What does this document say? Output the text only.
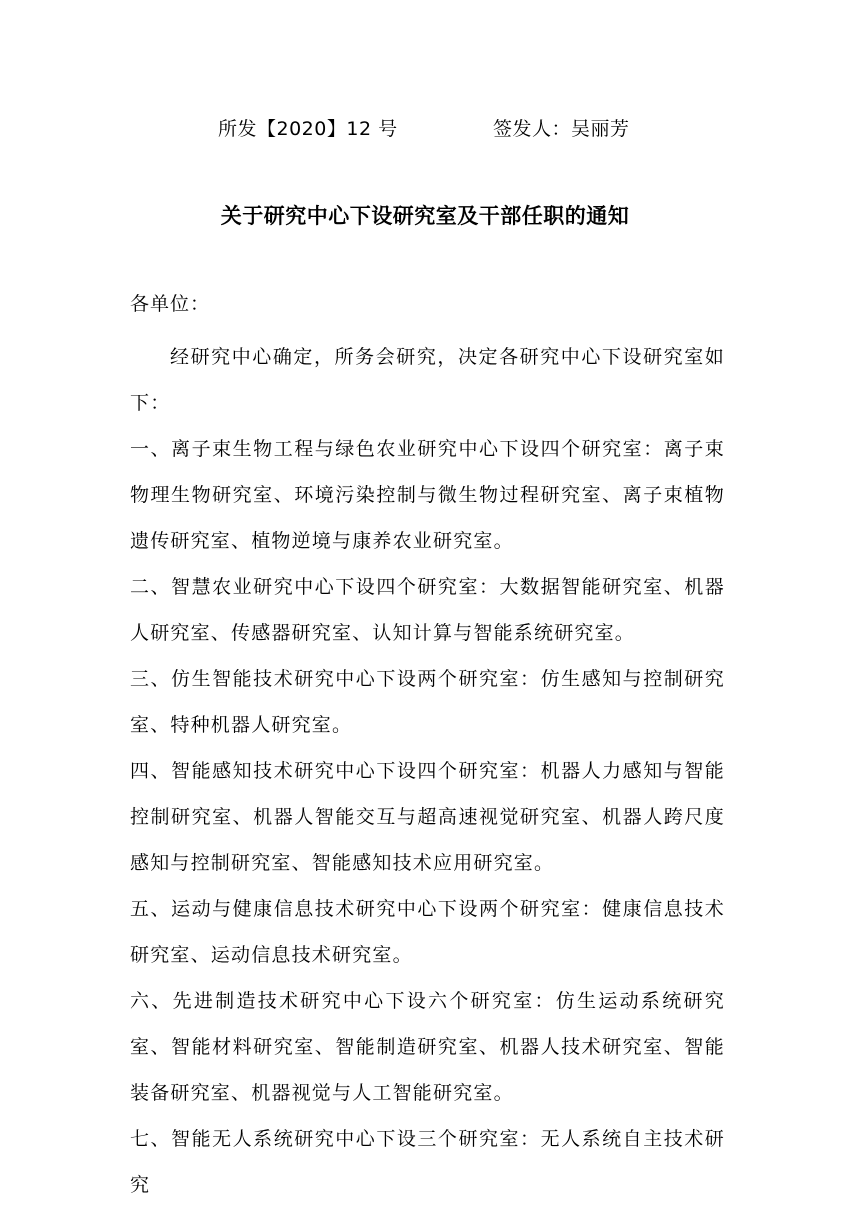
所发【2020】12 号	签发人：吴丽芳
关于研究中心下设研究室及干部任职的通知
各单位：

经研究中心确定，所务会研究，决定各研究中心下设研究室如下：

一、离子束生物工程与绿色农业研究中心下设四个研究室：离子束物理生物研究室、环境污染控制与微生物过程研究室、离子束植物遗传研究室、植物逆境与康养农业研究室。

二、智慧农业研究中心下设四个研究室：大数据智能研究室、机器人研究室、传感器研究室、认知计算与智能系统研究室。

三、仿生智能技术研究中心下设两个研究室：仿生感知与控制研究室、特种机器人研究室。

四、智能感知技术研究中心下设四个研究室：机器人力感知与智能控制研究室、机器人智能交互与超高速视觉研究室、机器人跨尺度感知与控制研究室、智能感知技术应用研究室。

五、运动与健康信息技术研究中心下设两个研究室：健康信息技术研究室、运动信息技术研究室。

六、先进制造技术研究中心下设六个研究室：仿生运动系统研究室、智能材料研究室、智能制造研究室、机器人技术研究室、智能装备研究室、机器视觉与人工智能研究室。

七、智能无人系统研究中心下设三个研究室：无人系统自主技术研究
